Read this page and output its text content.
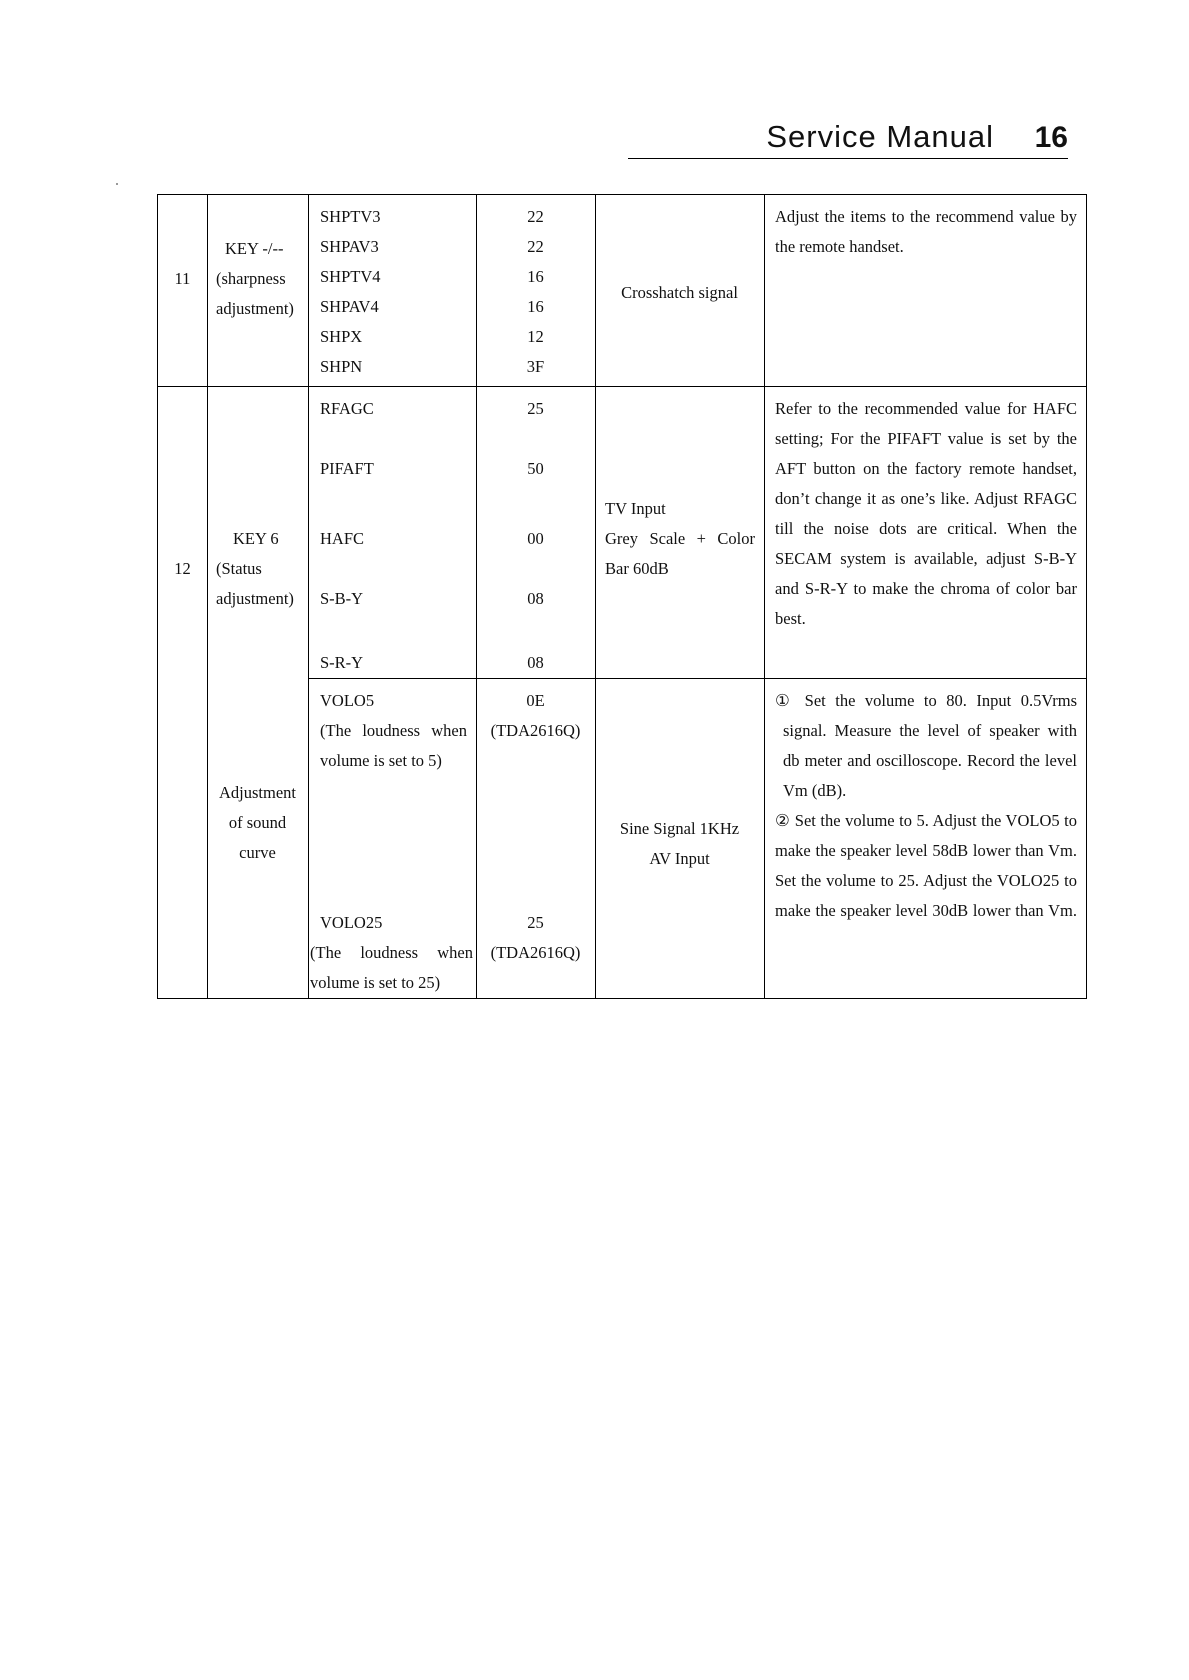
Service Manual 16
11
KEY -/--
(sharpness
adjustment)
SHPTV3
SHPAV3
SHPTV4
SHPAV4
SHPX
SHPN
22
22
16
16
12
3F
Crosshatch signal
Adjust the items to the recommend value by
the remote handset.
12
KEY 6
(Status
adjustment)
RFAGC
PIFAFT
HAFC
S-B-Y
S-R-Y
25
50
00
08
08
TV Input
Grey Scale + Color
Bar 60dB
Refer to the recommended value for HAFC
setting; For the PIFAFT value is set by the
AFT button on the factory remote handset,
don’t change it as one’s like. Adjust RFAGC
till the noise dots are critical. When the
SECAM system is available, adjust S-B-Y
and S-R-Y to make the chroma of color bar
best.
Adjustment
of sound
curve
VOLO5
(The loudness when
volume is set to 5)
VOLO25
(The loudness when
volume is set to 25)
0E
(TDA2616Q)
25
(TDA2616Q)
Sine Signal 1KHz
AV Input
① Set the volume to 80. Input 0.5Vrms
signal. Measure the level of speaker with
db meter and oscilloscope. Record the level
Vm (dB).
② Set the volume to 5. Adjust the VOLO5 to
make the speaker level 58dB lower than Vm.
Set the volume to 25. Adjust the VOLO25 to
make the speaker level 30dB lower than Vm.
